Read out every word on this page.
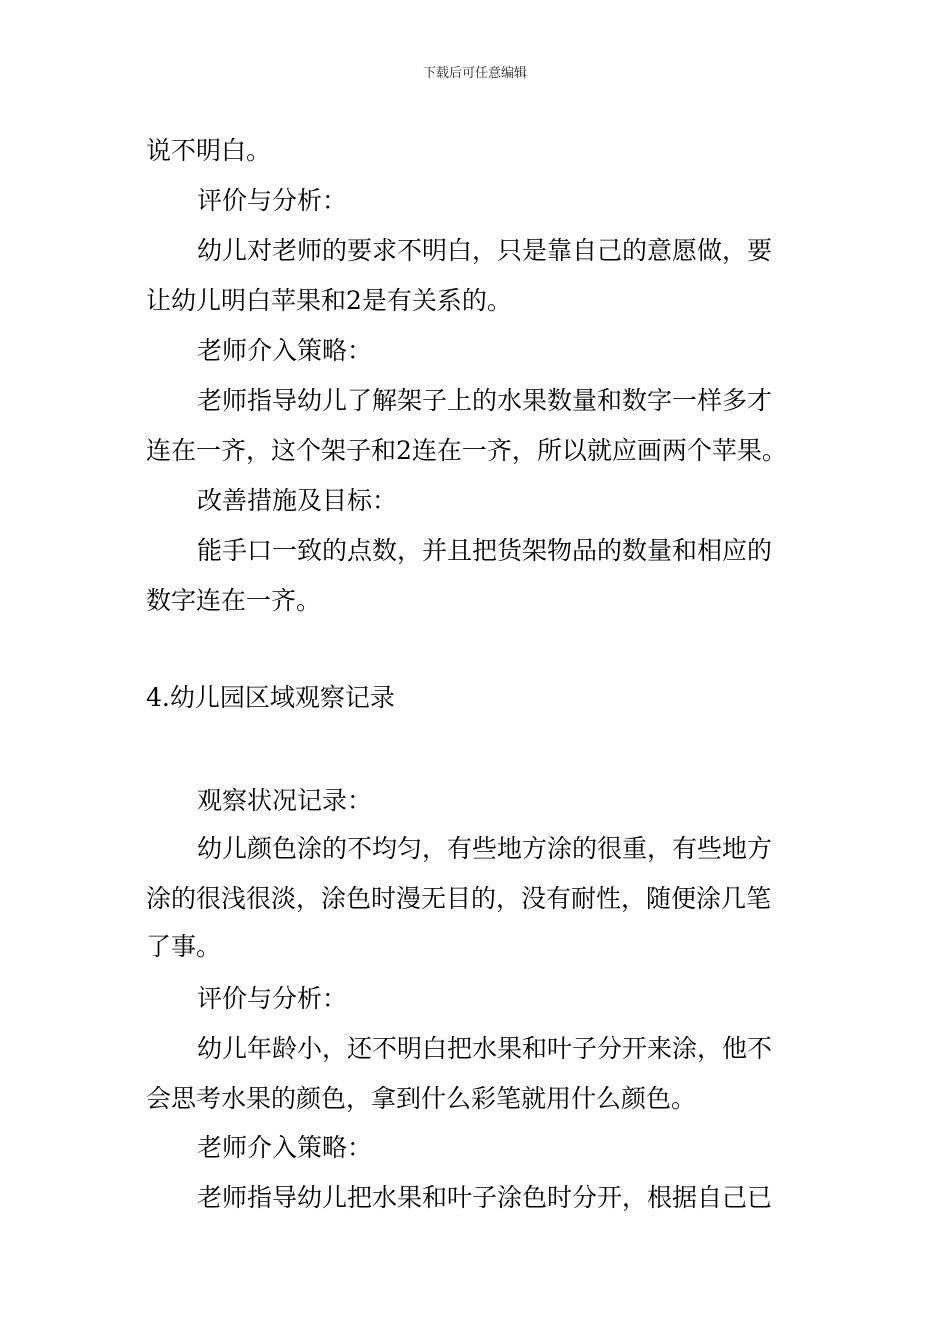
下载后可任意编辑
说不明白。
评价与分析：
幼儿对老师的要求不明白，只是靠自己的意愿做，要
让幼儿明白苹果和2是有关系的。
老师介入策略：
老师指导幼儿了解架子上的水果数量和数字一样多才
连在一齐，这个架子和2连在一齐，所以就应画两个苹果。
改善措施及目标：
能手口一致的点数，并且把货架物品的数量和相应的
数字连在一齐。
4.幼儿园区域观察记录
观察状况记录：
幼儿颜色涂的不均匀，有些地方涂的很重，有些地方
涂的很浅很淡，涂色时漫无目的，没有耐性，随便涂几笔
了事。
评价与分析：
幼儿年龄小，还不明白把水果和叶子分开来涂，他不
会思考水果的颜色，拿到什么彩笔就用什么颜色。
老师介入策略：
老师指导幼儿把水果和叶子涂色时分开，根据自己已
